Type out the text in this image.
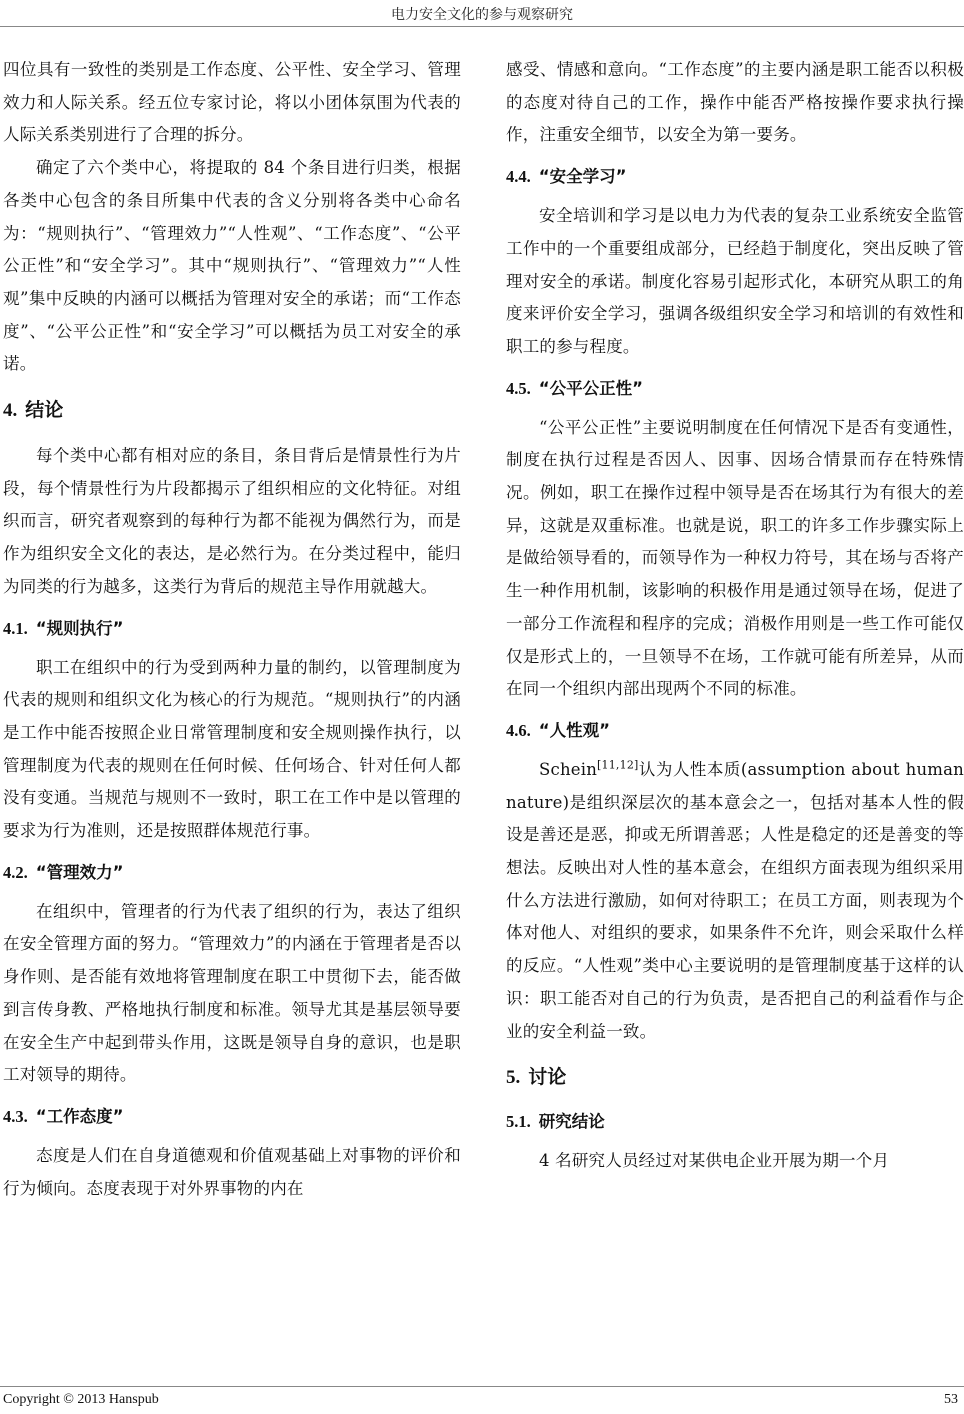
电力安全文化的参与观察研究

四位具有一致性的类别是工作态度、公平性、安全学习、管理效力和人际关系。经五位专家讨论，将以小团体氛围为代表的人际关系类别进行了合理的拆分。

确定了六个类中心，将提取的 84 个条目进行归类，根据各类中心包含的条目所集中代表的含义分别将各类中心命名为：“规则执行”、“管理效力”“人性观”、“工作态度”、“公平公正性”和“安全学习”。其中“规则执行”、“管理效力”“人性观”集中反映的内涵可以概括为管理对安全的承诺；而“工作态度”、“公平公正性”和“安全学习”可以概括为员工对安全的承诺。

4. 结论

每个类中心都有相对应的条目，条目背后是情景性行为片段，每个情景性行为片段都揭示了组织相应的文化特征。对组织而言，研究者观察到的每种行为都不能视为偶然行为，而是作为组织安全文化的表达，是必然行为。在分类过程中，能归为同类的行为越多，这类行为背后的规范主导作用就越大。

4.1. “规则执行”

职工在组织中的行为受到两种力量的制约，以管理制度为代表的规则和组织文化为核心的行为规范。“规则执行”的内涵是工作中能否按照企业日常管理制度和安全规则操作执行，以管理制度为代表的规则在任何时候、任何场合、针对任何人都没有变通。当规范与规则不一致时，职工在工作中是以管理的要求为行为准则，还是按照群体规范行事。

4.2. “管理效力”

在组织中，管理者的行为代表了组织的行为，表达了组织在安全管理方面的努力。“管理效力”的内涵在于管理者是否以身作则、是否能有效地将管理制度在职工中贯彻下去，能否做到言传身教、严格地执行制度和标准。领导尤其是基层领导要在安全生产中起到带头作用，这既是领导自身的意识，也是职工对领导的期待。

4.3. “工作态度”

态度是人们在自身道德观和价值观基础上对事物的评价和行为倾向。态度表现于对外界事物的内在

感受、情感和意向。“工作态度”的主要内涵是职工能否以积极的态度对待自己的工作，操作中能否严格按操作要求执行操作，注重安全细节，以安全为第一要务。

4.4. “安全学习”

安全培训和学习是以电力为代表的复杂工业系统安全监管工作中的一个重要组成部分，已经趋于制度化，突出反映了管理对安全的承诺。制度化容易引起形式化，本研究从职工的角度来评价安全学习，强调各级组织安全学习和培训的有效性和职工的参与程度。

4.5. “公平公正性”

“公平公正性”主要说明制度在任何情况下是否有变通性，制度在执行过程是否因人、因事、因场合情景而存在特殊情况。例如，职工在操作过程中领导是否在场其行为有很大的差异，这就是双重标准。也就是说，职工的许多工作步骤实际上是做给领导看的，而领导作为一种权力符号，其在场与否将产生一种作用机制，该影响的积极作用是通过领导在场，促进了一部分工作流程和程序的完成；消极作用则是一些工作可能仅仅是形式上的，一旦领导不在场，工作就可能有所差异，从而在同一个组织内部出现两个不同的标准。

4.6. “人性观”

Schein[11,12]认为人性本质(assumption about human nature)是组织深层次的基本意会之一，包括对基本人性的假设是善还是恶，抑或无所谓善恶；人性是稳定的还是善变的等想法。反映出对人性的基本意会，在组织方面表现为组织采用什么方法进行激励，如何对待职工；在员工方面，则表现为个体对他人、对组织的要求，如果条件不允许，则会采取什么样的反应。“人性观”类中心主要说明的是管理制度基于这样的认识：职工能否对自己的行为负责，是否把自己的利益看作与企业的安全利益一致。

5. 讨论
5.1. 研究结论

4 名研究人员经过对某供电企业开展为期一个月

Copyright © 2013 Hanspub	53
